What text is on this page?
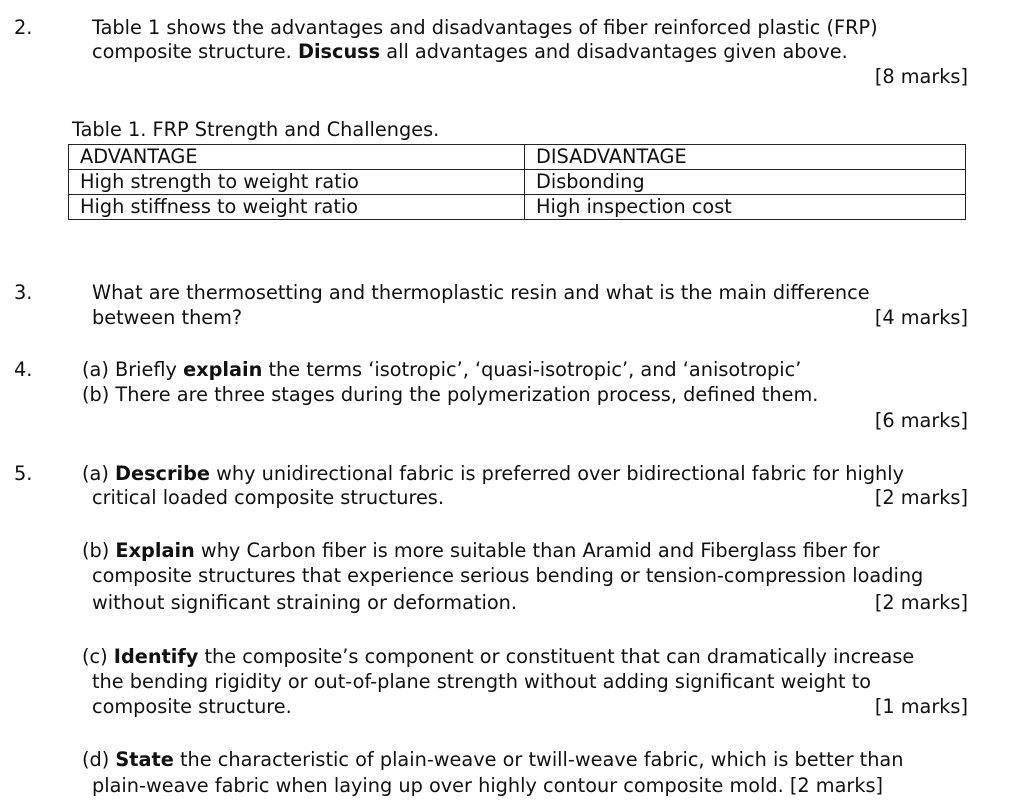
2.	Table 1 shows the advantages and disadvantages of fiber reinforced plastic (FRP)
composite structure. Discuss all advantages and disadvantages given above.
[8 marks]
Table 1. FRP Strength and Challenges.
ADVANTAGE	DISADVANTAGE
High strength to weight ratio	Disbonding
High stiffness to weight ratio	High inspection cost
3.	What are thermosetting and thermoplastic resin and what is the main difference
between them?	[4 marks]
4.	(a) Briefly explain the terms ‘isotropic’, ‘quasi-isotropic’, and ‘anisotropic’
(b) There are three stages during the polymerization process, defined them.
[6 marks]
5.	(a) Describe why unidirectional fabric is preferred over bidirectional fabric for highly
critical loaded composite structures.	[2 marks]
(b) Explain why Carbon fiber is more suitable than Aramid and Fiberglass fiber for
composite structures that experience serious bending or tension-compression loading
without significant straining or deformation.	[2 marks]
(c) Identify the composite’s component or constituent that can dramatically increase
the bending rigidity or out-of-plane strength without adding significant weight to
composite structure.	[1 marks]
(d) State the characteristic of plain-weave or twill-weave fabric, which is better than
plain-weave fabric when laying up over highly contour composite mold. [2 marks]
